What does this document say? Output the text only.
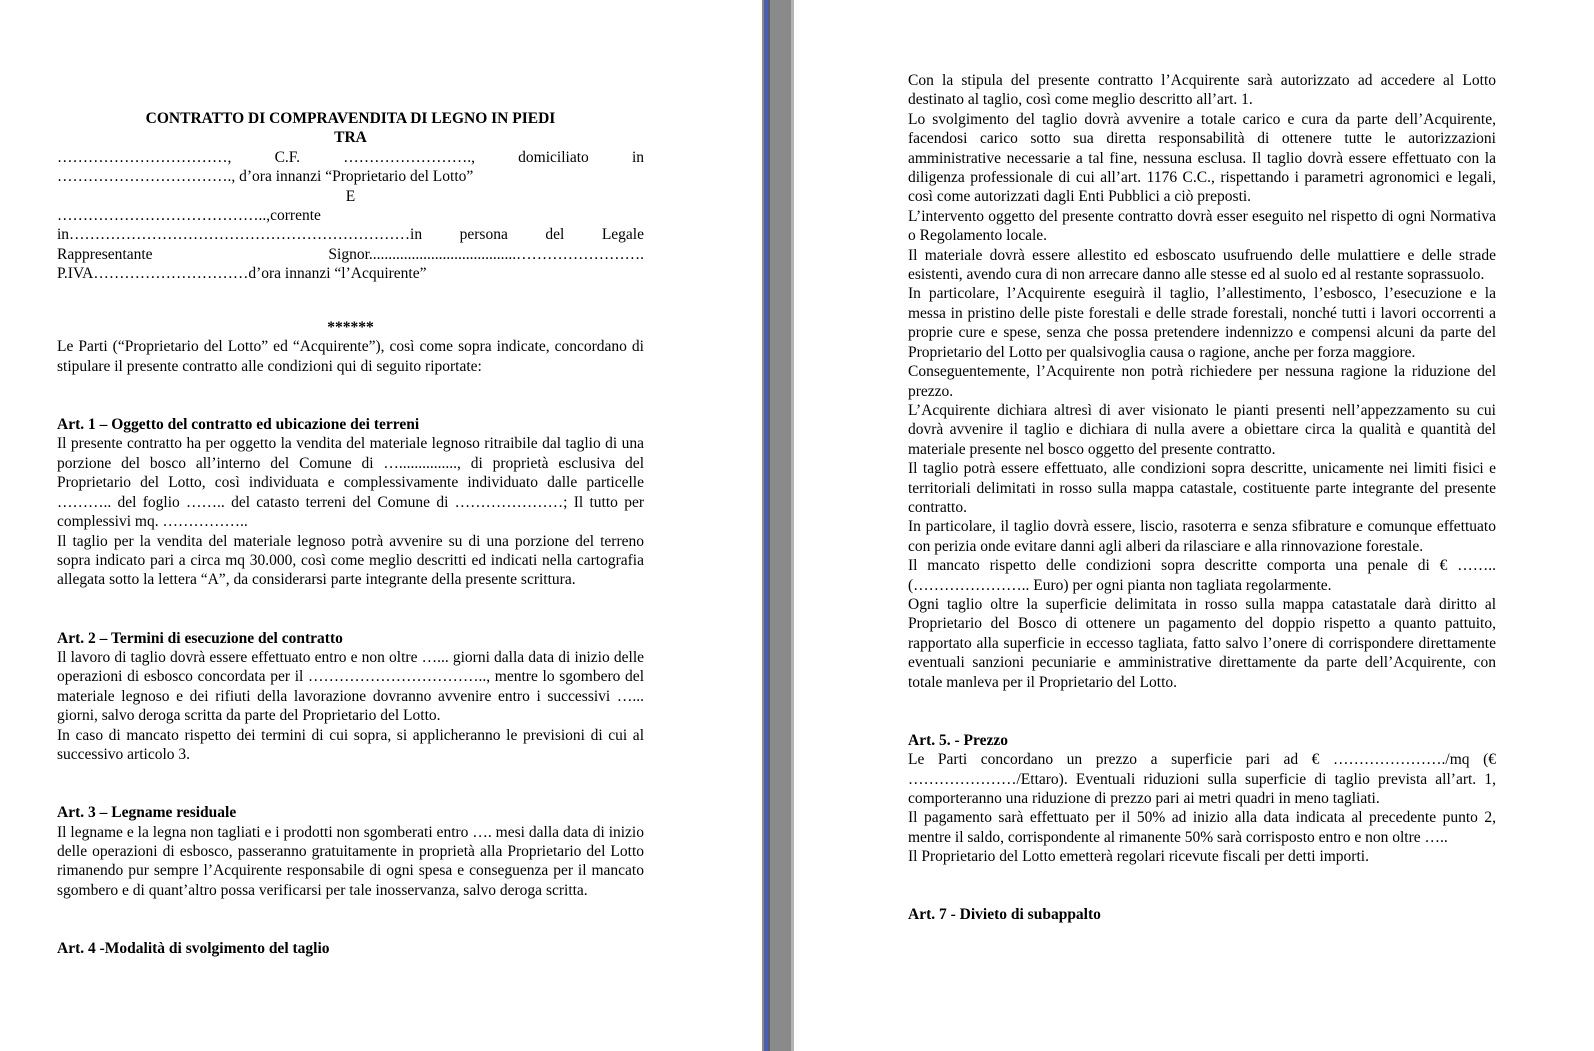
CONTRATTO DI COMPRAVENDITA DI LEGNO IN PIEDI

TRA

……………………………, C.F. ……………………., domiciliato in

……………………………., d’ora innanzi “Proprietario del Lotto”

E

…………………………………..,corrente

in…………………………………………………………in persona del Legale

Rappresentante Signor......................................…………………….

P.IVA…………………………d’ora innanzi “l’Acquirente”

******

Le Parti (“Proprietario del Lotto” ed “Acquirente”), così come sopra indicate, concordano di stipulare il presente contratto alle condizioni qui di seguito riportate:

Art. 1 – Oggetto del contratto ed ubicazione dei terreni

Il presente contratto ha per oggetto la vendita del materiale legnoso ritraibile dal taglio di una porzione del bosco all’interno del Comune di …..............., di proprietà esclusiva del Proprietario del Lotto, così individuata e complessivamente individuato dalle particelle ……….. del foglio …….. del catasto terreni del Comune di …………………; Il tutto per complessivi mq. ……………..

Il taglio per la vendita del materiale legnoso potrà avvenire su di una porzione del terreno sopra indicato pari a circa mq 30.000, così come meglio descritti ed indicati nella cartografia allegata sotto la lettera “A”, da considerarsi parte integrante della presente scrittura.

Art. 2 – Termini di esecuzione del contratto

Il lavoro di taglio dovrà essere effettuato entro e non oltre …... giorni dalla data di inizio delle operazioni di esbosco concordata per il …………………………….., mentre lo sgombero del materiale legnoso e dei rifiuti della lavorazione dovranno avvenire entro i successivi …... giorni, salvo deroga scritta da parte del Proprietario del Lotto.

In caso di mancato rispetto dei termini di cui sopra, si applicheranno le previsioni di cui al successivo articolo 3.

Art. 3 – Legname residuale

Il legname e la legna non tagliati e i prodotti non sgomberati entro …. mesi dalla data di inizio delle operazioni di esbosco, passeranno gratuitamente in proprietà alla Proprietario del Lotto rimanendo pur sempre l’Acquirente responsabile di ogni spesa e conseguenza per il mancato sgombero e di quant’altro possa verificarsi per tale inosservanza, salvo deroga scritta.

Art. 4 -Modalità di svolgimento del taglio

Con la stipula del presente contratto l’Acquirente sarà autorizzato ad accedere al Lotto destinato al taglio, così come meglio descritto all’art. 1.

Lo svolgimento del taglio dovrà avvenire a totale carico e cura da parte dell’Acquirente, facendosi carico sotto sua diretta responsabilità di ottenere tutte le autorizzazioni amministrative necessarie a tal fine, nessuna esclusa. Il taglio dovrà essere effettuato con la diligenza professionale di cui all’art. 1176 C.C., rispettando i parametri agronomici e legali, così come autorizzati dagli Enti Pubblici a ciò preposti.

L’intervento oggetto del presente contratto dovrà esser eseguito nel rispetto di ogni Normativa o Regolamento locale.

Il materiale dovrà essere allestito ed esboscato usufruendo delle mulattiere e delle strade esistenti, avendo cura di non arrecare danno alle stesse ed al suolo ed al restante soprassuolo.

In particolare, l’Acquirente eseguirà il taglio, l’allestimento, l’esbosco, l’esecuzione e la messa in pristino delle piste forestali e delle strade forestali, nonché tutti i lavori occorrenti a proprie cure e spese, senza che possa pretendere indennizzo e compensi alcuni da parte del Proprietario del Lotto per qualsivoglia causa o ragione, anche per forza maggiore.

Conseguentemente, l’Acquirente non potrà richiedere per nessuna ragione la riduzione del prezzo.

L’Acquirente dichiara altresì di aver visionato le pianti presenti nell’appezzamento su cui dovrà avvenire il taglio e dichiara di nulla avere a obiettare circa la qualità e quantità del materiale presente nel bosco oggetto del presente contratto.

Il taglio potrà essere effettuato, alle condizioni sopra descritte, unicamente nei limiti fisici e territoriali delimitati in rosso sulla mappa catastale, costituente parte integrante del presente contratto.

In particolare, il taglio dovrà essere, liscio, rasoterra e senza sfibrature e comunque effettuato con perizia onde evitare danni agli alberi da rilasciare e alla rinnovazione forestale.

Il mancato rispetto delle condizioni sopra descritte comporta una penale di € …….. (………………….. Euro) per ogni pianta non tagliata regolarmente.

Ogni taglio oltre la superficie delimitata in rosso sulla mappa catastatale darà diritto al Proprietario del Bosco di ottenere un pagamento del doppio rispetto a quanto pattuito, rapportato alla superficie in eccesso tagliata, fatto salvo l’onere di corrispondere direttamente eventuali sanzioni pecuniarie e amministrative direttamente da parte dell’Acquirente, con totale manleva per il Proprietario del Lotto.

Art. 5. - Prezzo

Le Parti concordano un prezzo a superficie pari ad € …………………./mq (€ …………………/Ettaro). Eventuali riduzioni sulla superficie di taglio prevista all’art. 1, comporteranno una riduzione di prezzo pari ai metri quadri in meno tagliati.

Il pagamento sarà effettuato per il 50% ad inizio alla data indicata al precedente punto 2, mentre il saldo, corrispondente al rimanente 50% sarà corrisposto entro e non oltre …..

Il Proprietario del Lotto emetterà regolari ricevute fiscali per detti importi.

Art. 7 - Divieto di subappalto
